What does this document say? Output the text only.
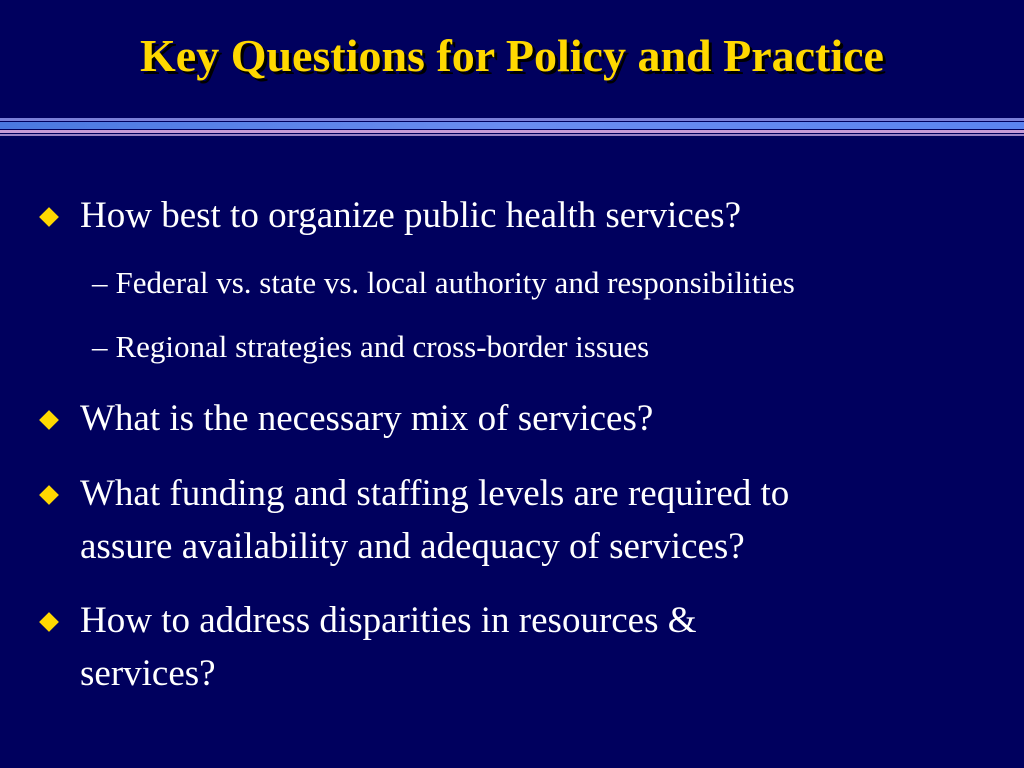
Key Questions for Policy and Practice
How best to organize public health services?
– Federal vs. state vs. local authority and responsibilities
– Regional strategies and cross-border issues
What is the necessary mix of services?
What funding and staffing levels are required to
assure availability and adequacy of services?
How to address disparities in resources &
services?
